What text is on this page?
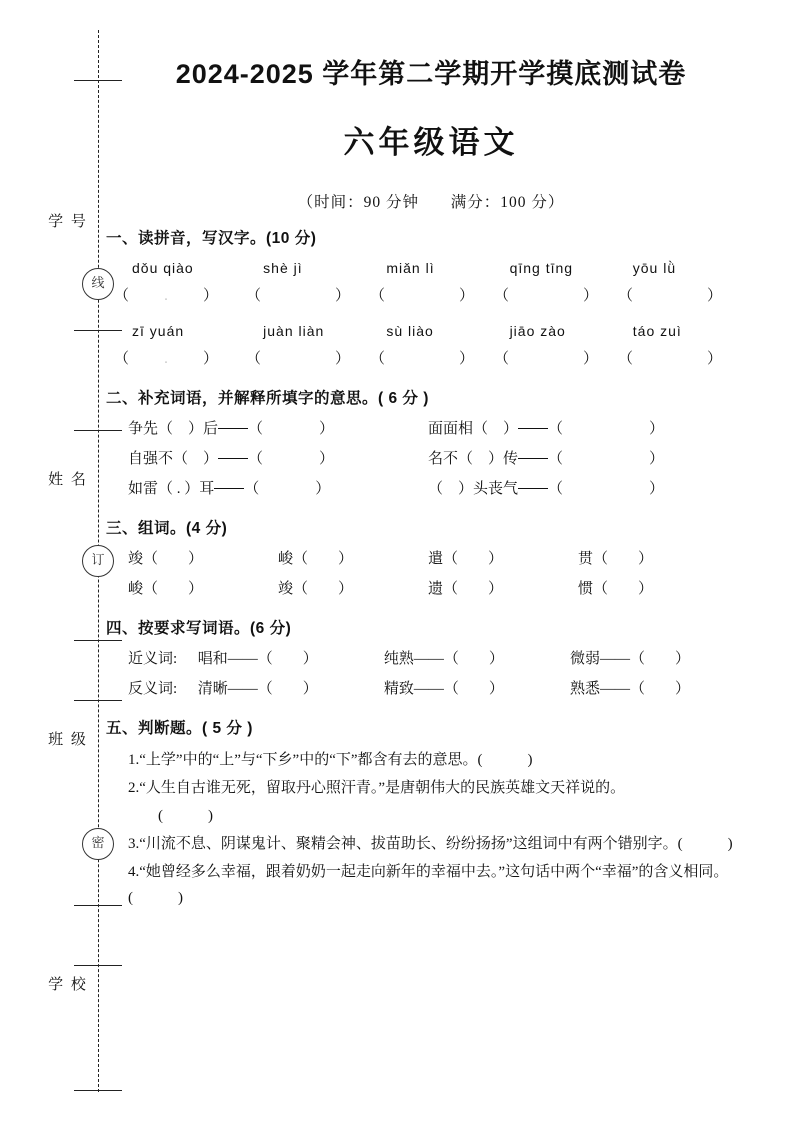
学 号
姓 名
班 级
学 校
线
订
密
2024-2025 学年第二学期开学摸底测试卷
六年级语文
（时间：90 分钟 满分：100 分）
一、读拼音，写汉字。(10 分)
dǒu qiào	shè jì	miǎn lì	qīng tīng	yōu lǜ
（ . ）	（	）	（	）	（	）	（	）
zī yuán	juàn liàn	sù liào	jiāo zào	táo zuì
（ . ）	（	）	（	）	（	）	（	）
二、补充词语，并解释所填字的意思。( 6 分 )
争先（　）后 （	）	面面相（　） （	）
自强不（　） （	）	名不（　）传 （	）
如雷（ . ）耳 （	）	（　）头丧气 （	）
三、组词。(4 分)
竣（　　）	峻（　　）	遣（　　）	贯（　　）
峻（　　）	竣（　　）	遗（　　）	惯（　　）
四、按要求写词语。(6 分)
近义词:	唱和——（　　）	纯熟——（　　）	微弱——（　　）
反义词:	清晰——（　　）	精致——（　　）	熟悉——（　　）
五、判断题。( 5 分 )

1.“上学”中的“上”与“下乡”中的“下”都含有去的意思。(　　　)

2.“人生自古谁无死，留取丹心照汗青。”是唐朝伟大的民族英雄文天祥说的。

(　　　)

3.“川流不息、阴谋鬼计、聚精会神、拔苗助长、纷纷扬扬”这组词中有两个错别字。(　　　)

4.“她曾经多么幸福，跟着奶奶一起走向新年的幸福中去。”这句话中两个“幸福”的含义相同。(　　　)
